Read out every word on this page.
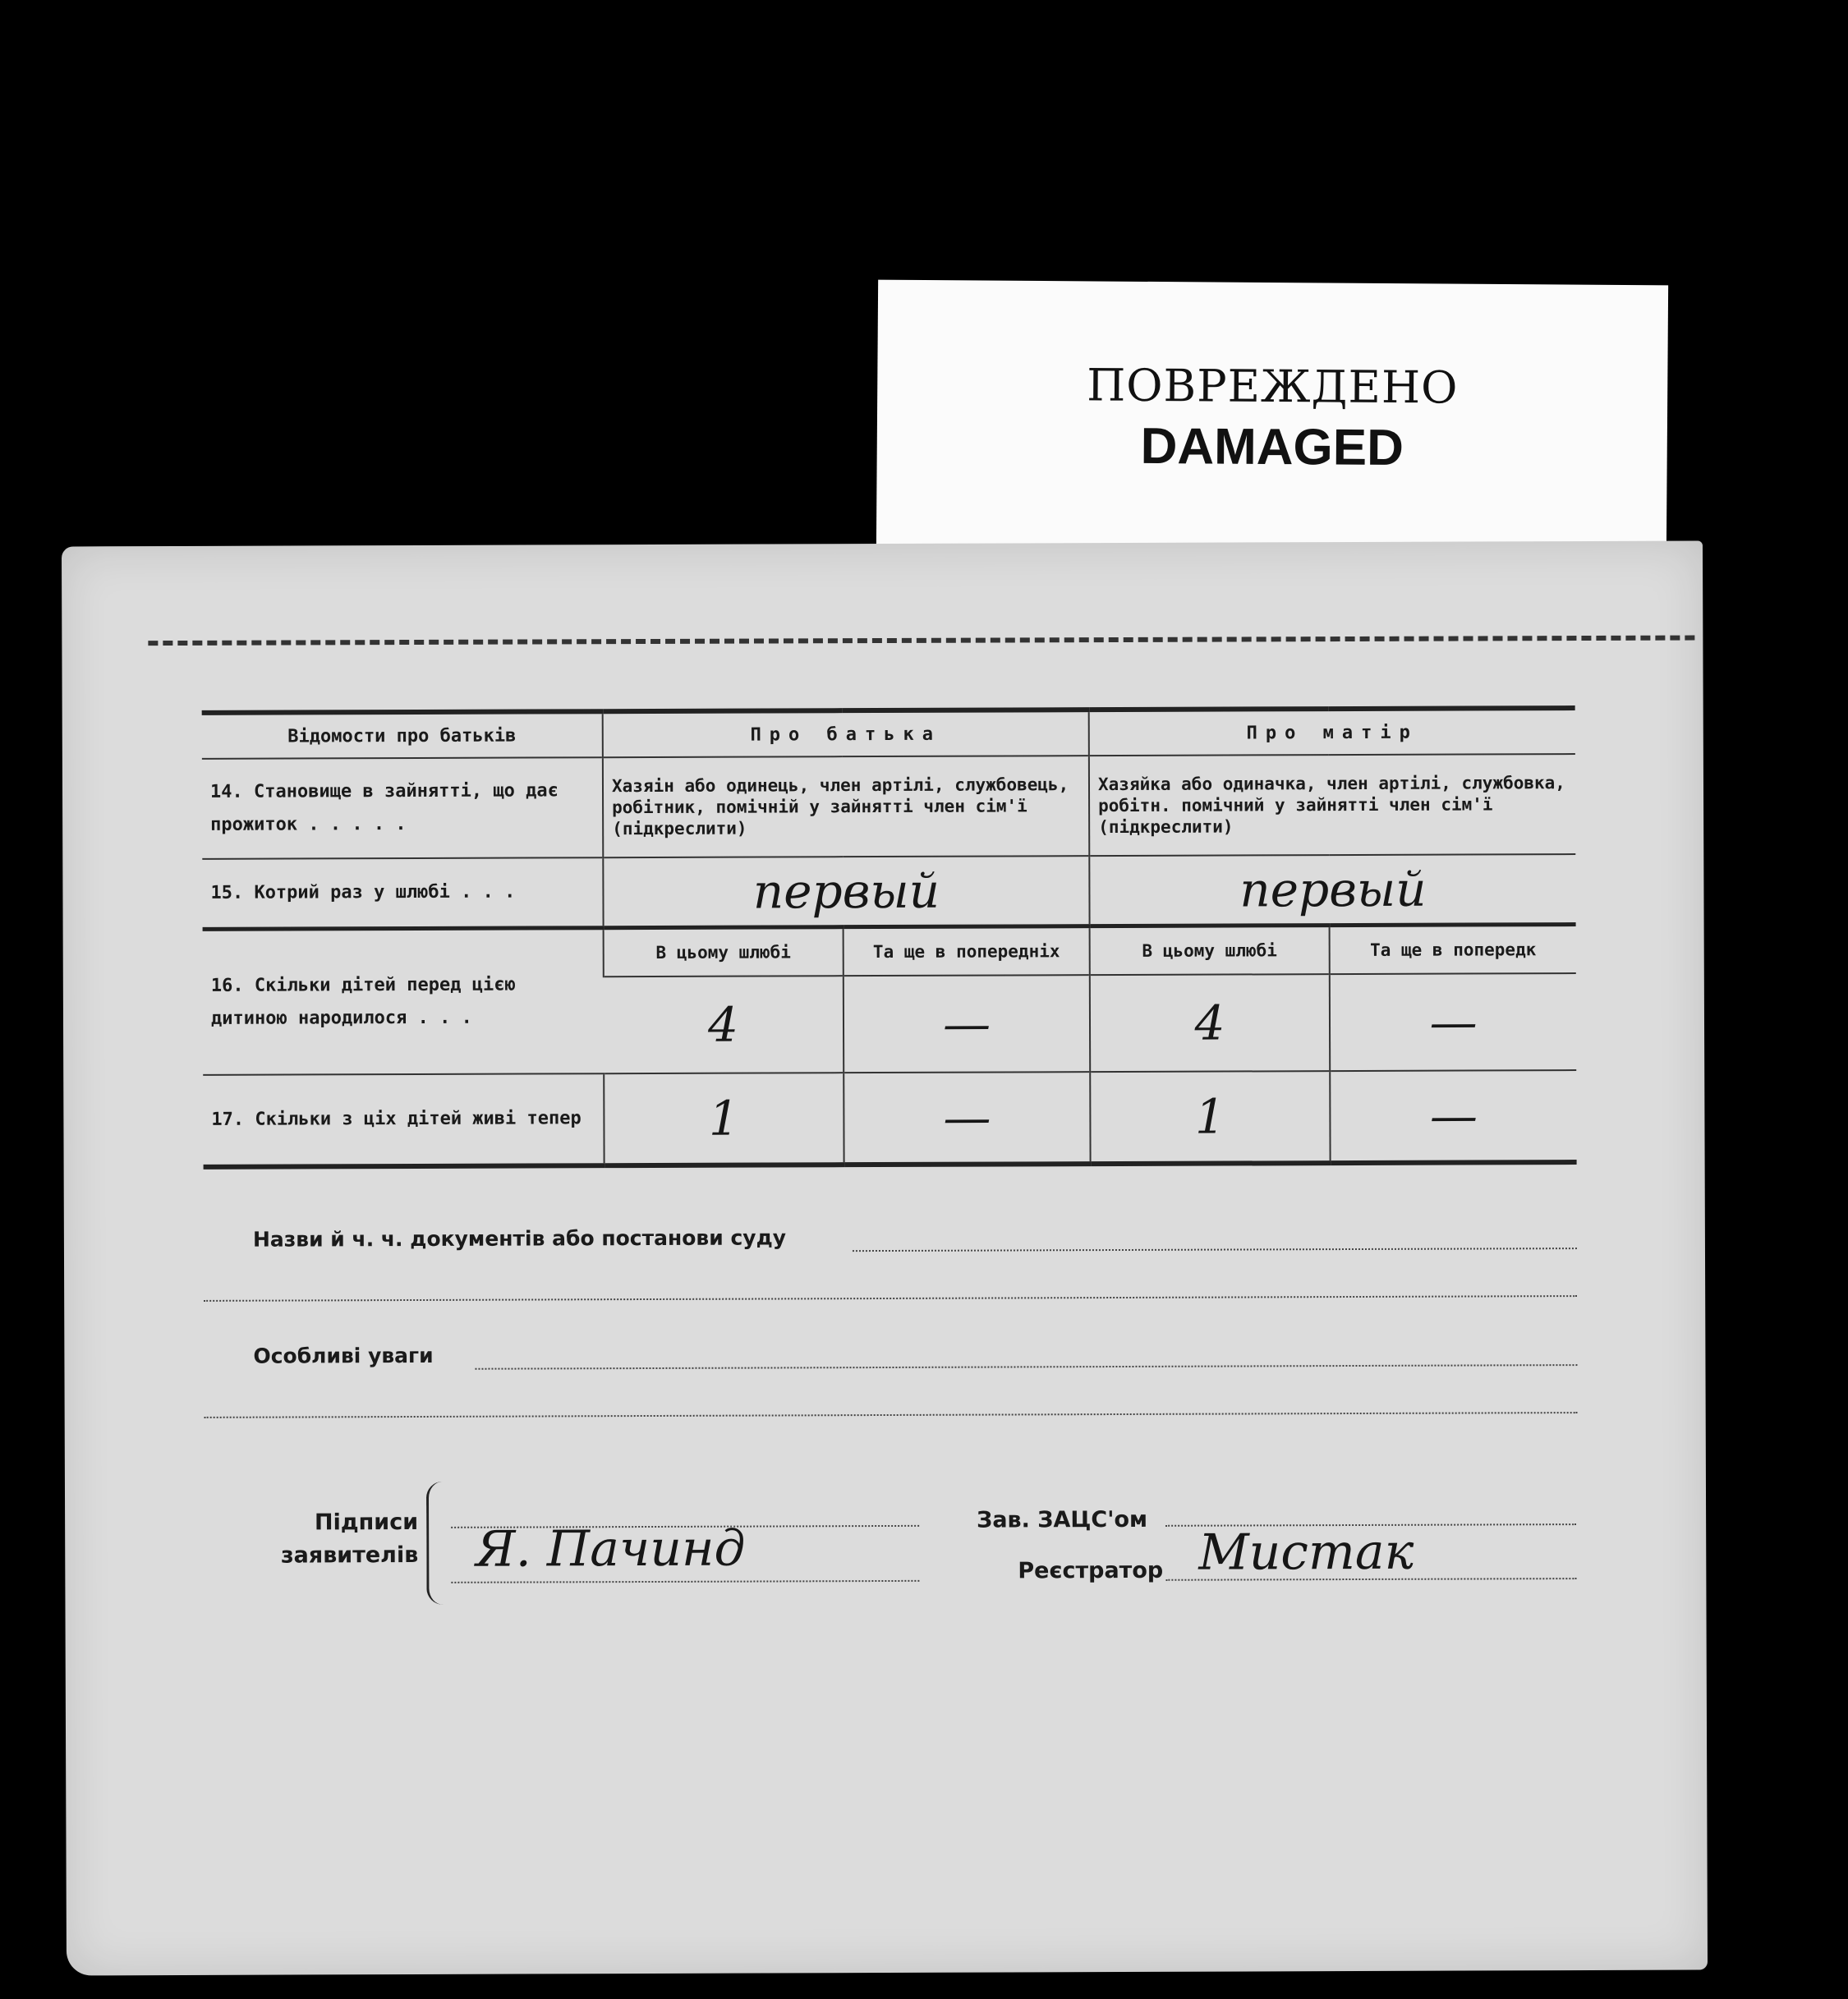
ПОВРЕЖДЕНО
DAMAGED
Відомости про батьків	Про батька		Про матір	
14. Становище в зайнятті, що дає прожиток . . . . .	Хазяін або одинець, член артілі, службовець, робітник, помічній у зайнятті член сім'ї (підкреслити)		Хазяйка або одиначка, член артілі, службовка, робітн. помічний у зайнятті член сім'ї (підкреслити)	
15. Котрий раз у шлюбі . . .	первый		первый	
16. Скільки дітей перед цією дитиною народилося . . .	В цьому шлюбі	Та ще в попередніх	В цьому шлюбі	Та ще в попередк
	4	—	4	—
17. Скільки з ціх дітей живі тепер	1	—	1	—
Назви й ч. ч. документів або постанови суду
Особливі уваги
Підписи
заявителів Я. Пачинд	Зав. ЗАЦС'ом
Реєстратор Мистак
